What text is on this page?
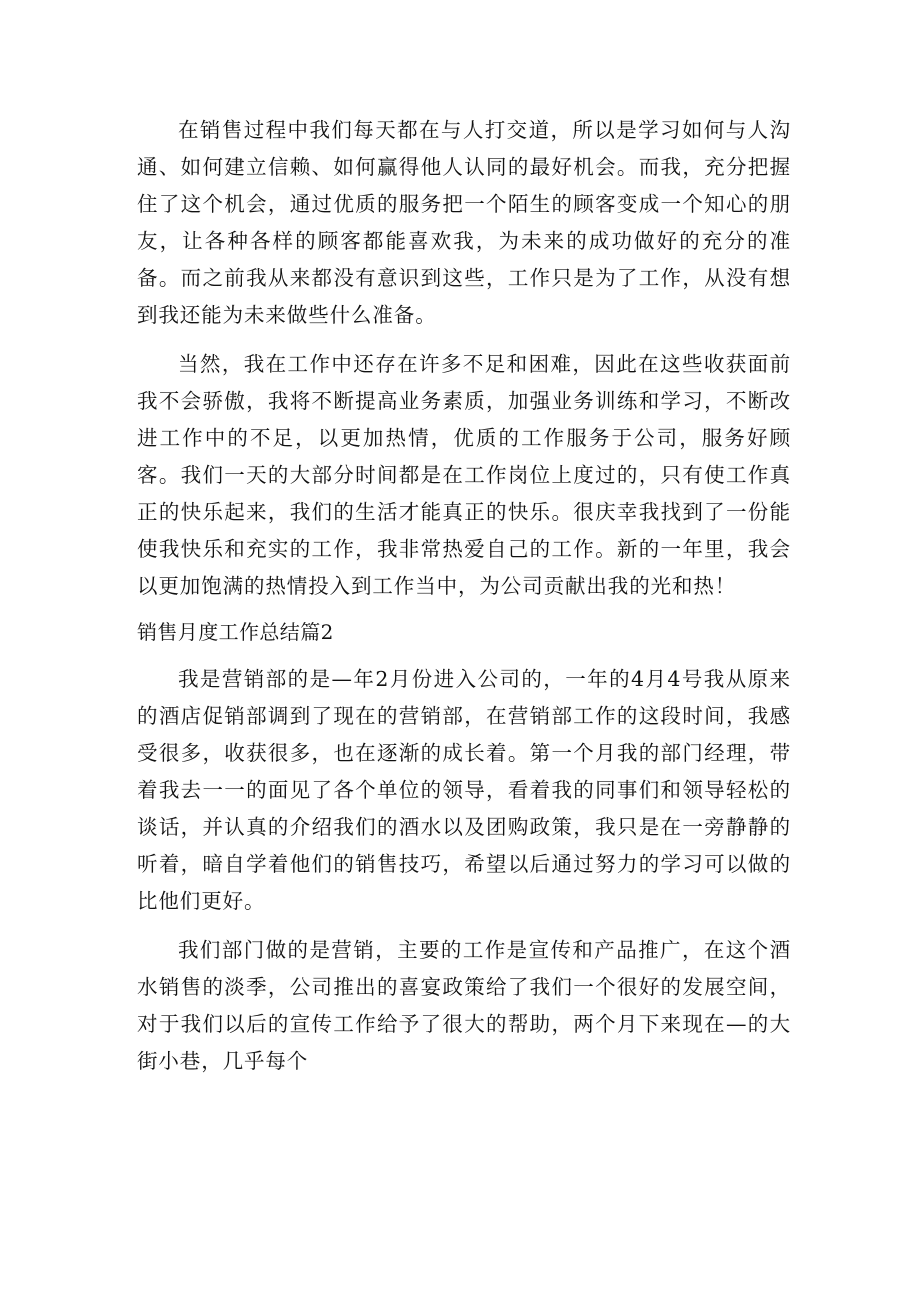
在销售过程中我们每天都在与人打交道，所以是学习如何与人沟通、如何建立信赖、如何赢得他人认同的最好机会。而我，充分把握住了这个机会，通过优质的服务把一个陌生的顾客变成一个知心的朋友，让各种各样的顾客都能喜欢我，为未来的成功做好的充分的准备。而之前我从来都没有意识到这些，工作只是为了工作，从没有想到我还能为未来做些什么准备。

当然，我在工作中还存在许多不足和困难，因此在这些收获面前我不会骄傲，我将不断提高业务素质，加强业务训练和学习，不断改进工作中的不足，以更加热情，优质的工作服务于公司，服务好顾客。我们一天的大部分时间都是在工作岗位上度过的，只有使工作真正的快乐起来，我们的生活才能真正的快乐。很庆幸我找到了一份能使我快乐和充实的工作，我非常热爱自己的工作。新的一年里，我会以更加饱满的热情投入到工作当中，为公司贡献出我的光和热！

销售月度工作总结篇2

我是营销部的是—年2月份进入公司的，一年的4月4号我从原来的酒店促销部调到了现在的营销部，在营销部工作的这段时间，我感受很多，收获很多，也在逐渐的成长着。第一个月我的部门经理，带着我去一一的面见了各个单位的领导，看着我的同事们和领导轻松的谈话，并认真的介绍我们的酒水以及团购政策，我只是在一旁静静的听着，暗自学着他们的销售技巧，希望以后通过努力的学习可以做的比他们更好。

我们部门做的是营销，主要的工作是宣传和产品推广，在这个酒水销售的淡季，公司推出的喜宴政策给了我们一个很好的发展空间，对于我们以后的宣传工作给予了很大的帮助，两个月下来现在—的大街小巷，几乎每个
